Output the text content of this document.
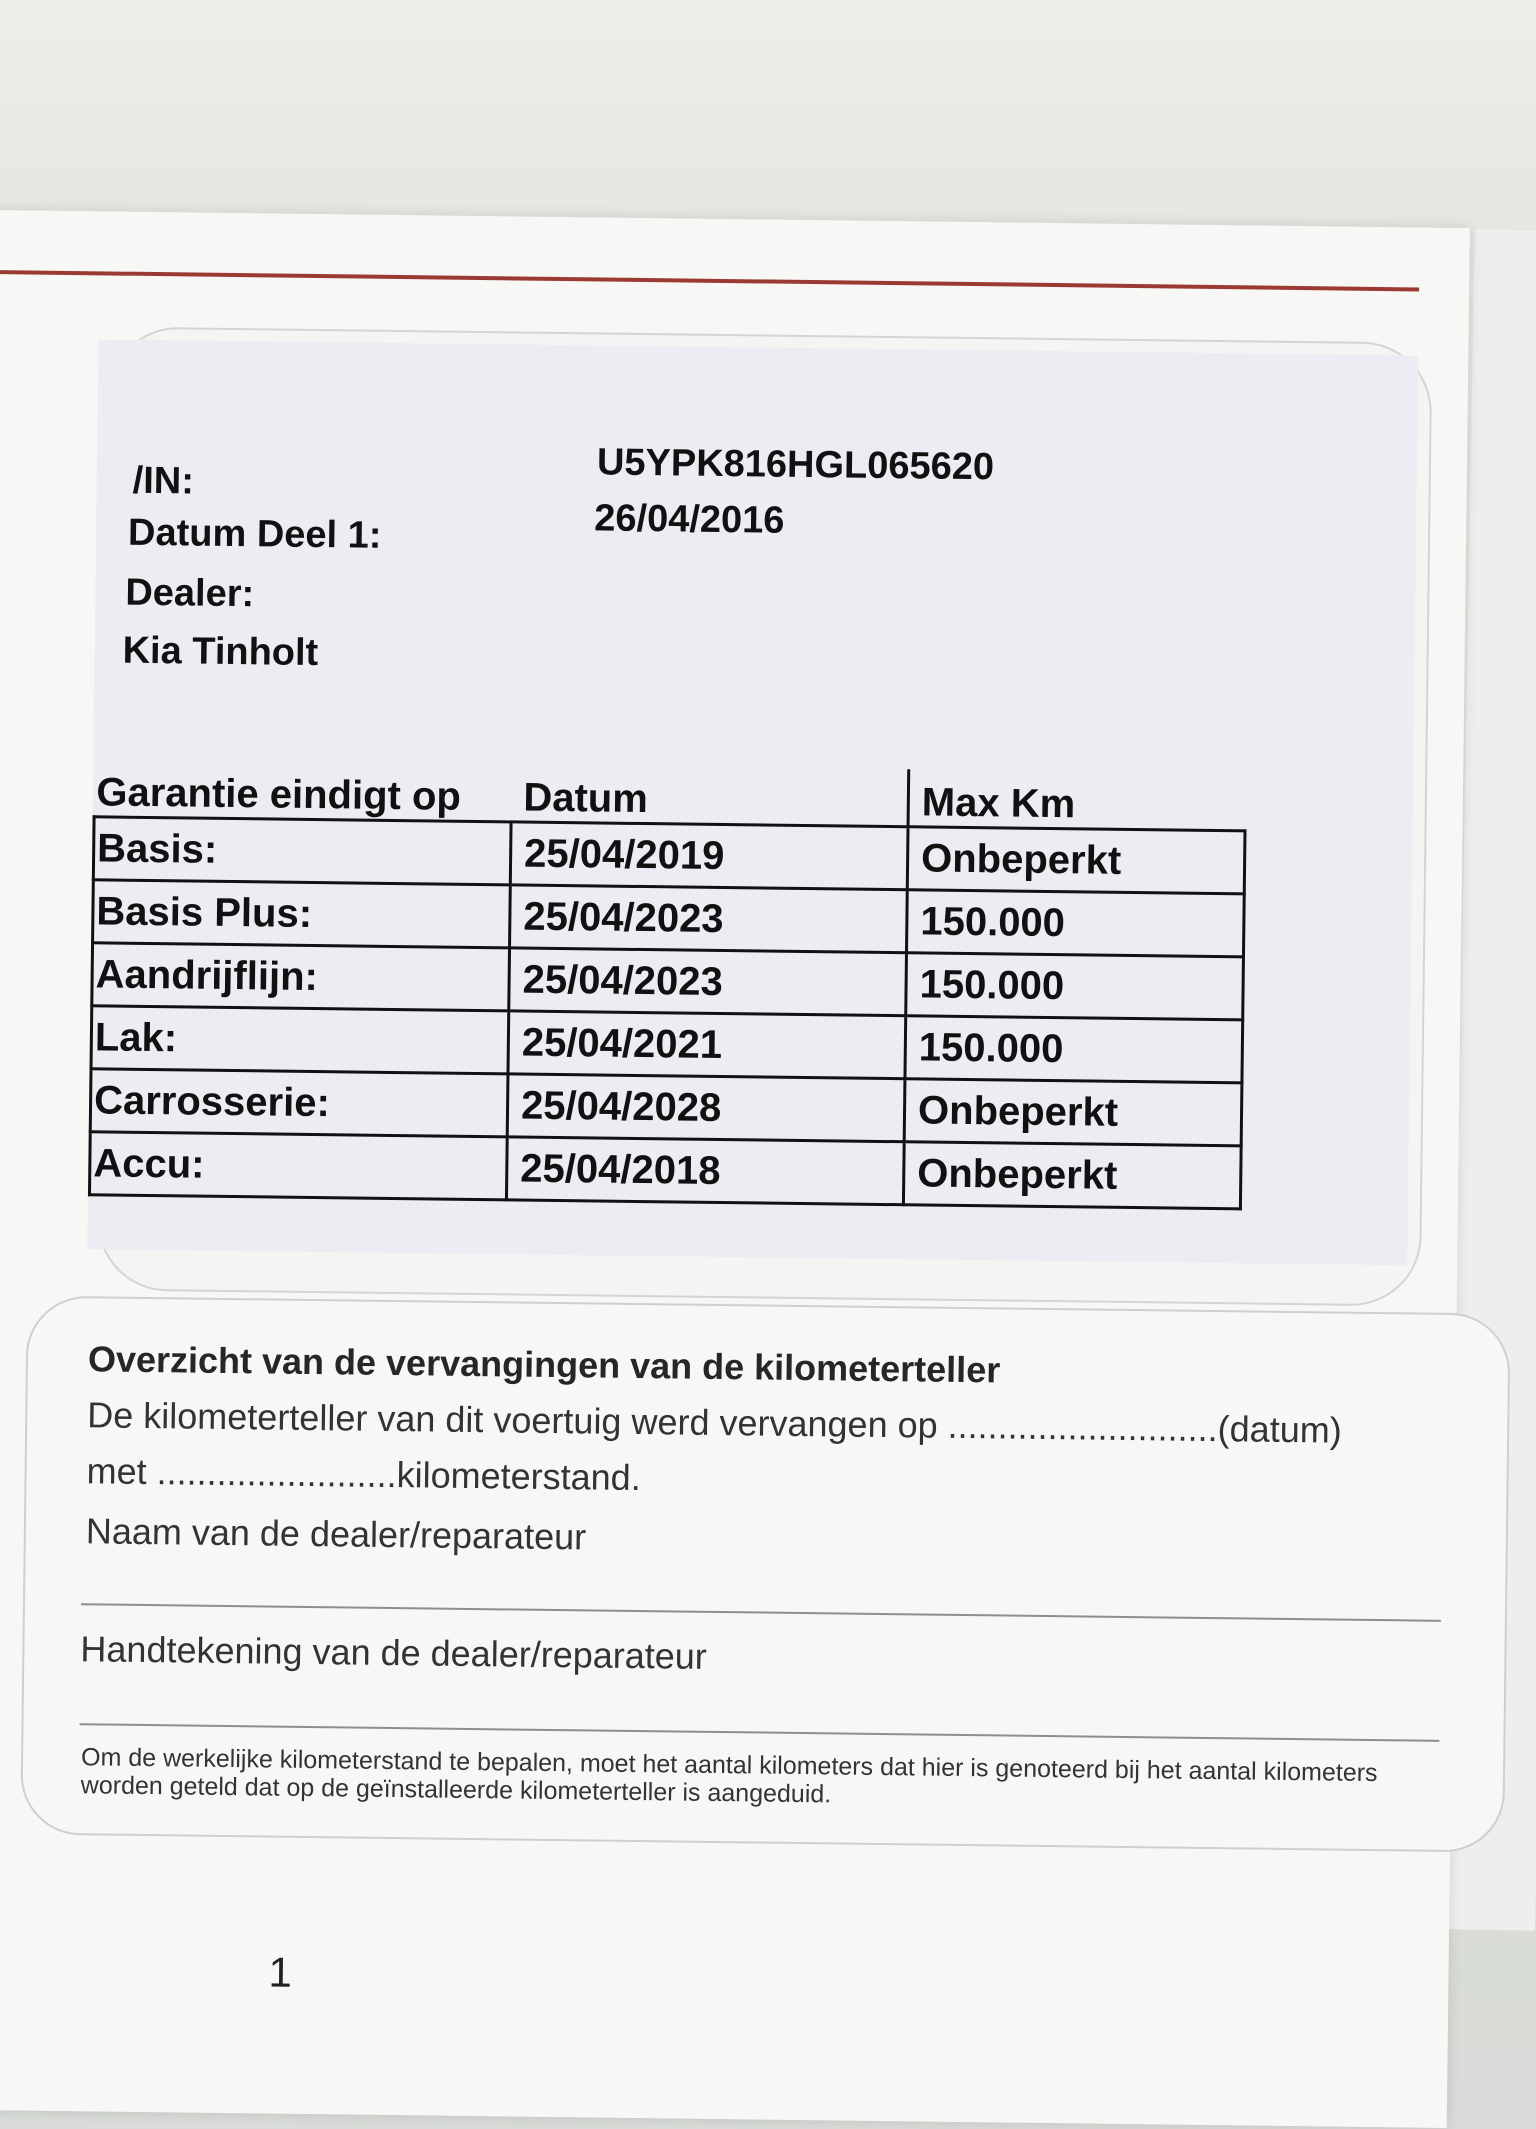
/IN:	U5YPK816HGL065620
Datum Deel 1:	26/04/2016
Dealer:
Kia Tinholt
Garantie eindigt op	Datum	Max Km
Basis:	25/04/2019	Onbeperkt
Basis Plus:	25/04/2023	150.000
Aandrijflijn:	25/04/2023	150.000
Lak:	25/04/2021	150.000
Carrosserie:	25/04/2028	Onbeperkt
Accu:	25/04/2018	Onbeperkt
Overzicht van de vervangingen van de kilometerteller
De kilometerteller van dit voertuig werd vervangen op ...........................(datum)
met ........................kilometerstand.
Naam van de dealer/reparateur
Handtekening van de dealer/reparateur
Om de werkelijke kilometerstand te bepalen, moet het aantal kilometers dat hier is genoteerd bij het aantal kilometers worden geteld dat op de geïnstalleerde kilometerteller is aangeduid.
1
